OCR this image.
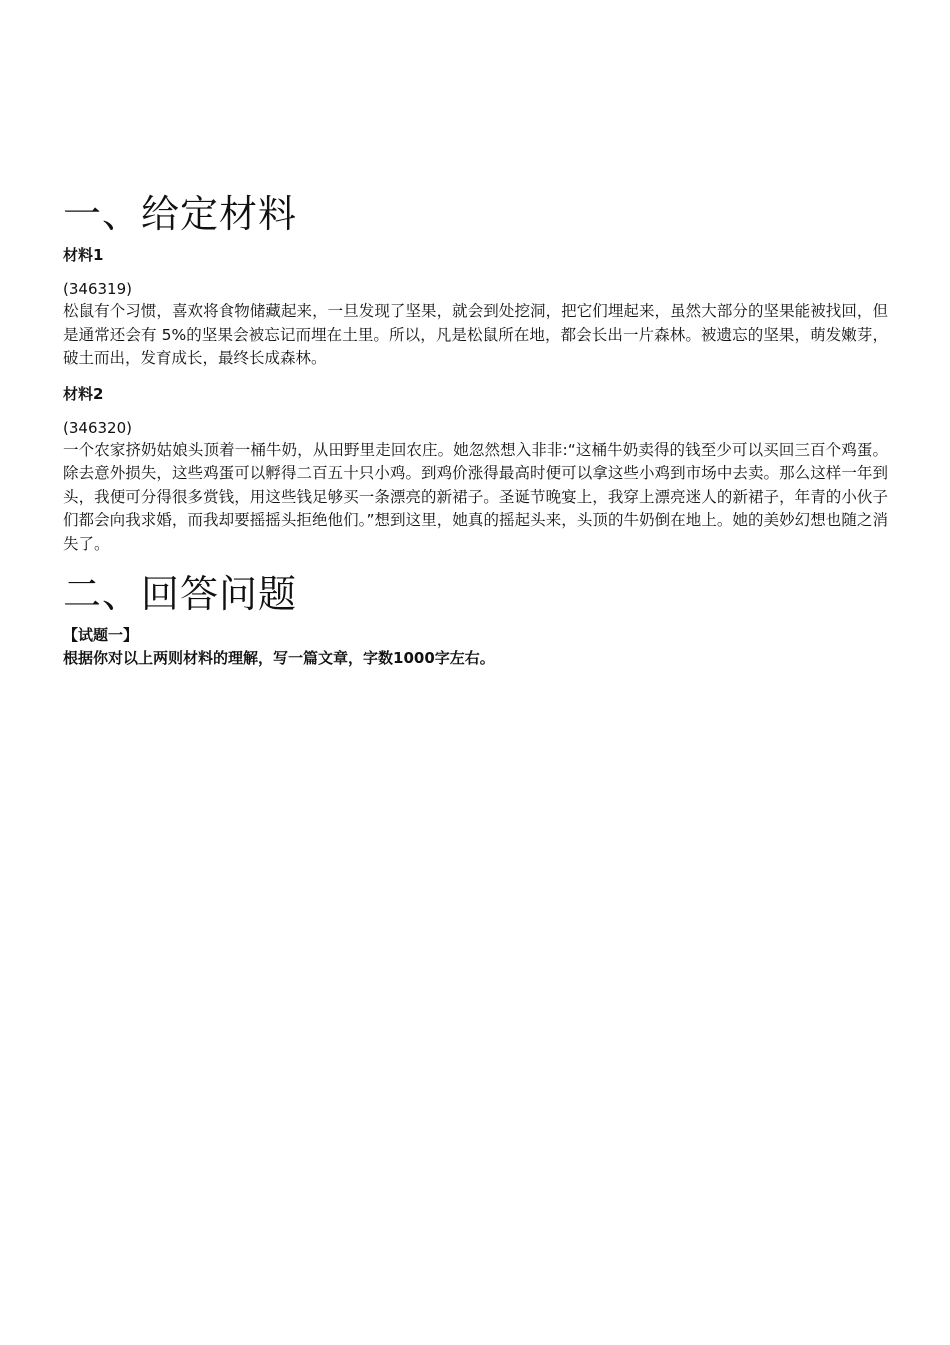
一、给定材料

材料1

(346319)

松鼠有个习惯，喜欢将食物储藏起来，一旦发现了坚果，就会到处挖洞，把它们埋起来，虽然大部分的坚果能被找回，但是通常还会有 5%的坚果会被忘记而埋在土里。所以，凡是松鼠所在地，都会长出一片森林。被遗忘的坚果，萌发嫩芽，破土而出，发育成长，最终长成森林。

材料2

(346320)

一个农家挤奶姑娘头顶着一桶牛奶，从田野里走回农庄。她忽然想入非非:“这桶牛奶卖得的钱至少可以买回三百个鸡蛋。除去意外损失，这些鸡蛋可以孵得二百五十只小鸡。到鸡价涨得最高时便可以拿这些小鸡到市场中去卖。那么这样一年到头，我便可分得很多赏钱，用这些钱足够买一条漂亮的新裙子。圣诞节晚宴上，我穿上漂亮迷人的新裙子，年青的小伙子们都会向我求婚，而我却要摇摇头拒绝他们。”想到这里，她真的摇起头来，头顶的牛奶倒在地上。她的美妙幻想也随之消失了。

二、回答问题

【试题一】

根据你对以上两则材料的理解，写一篇文章，字数1000字左右。
